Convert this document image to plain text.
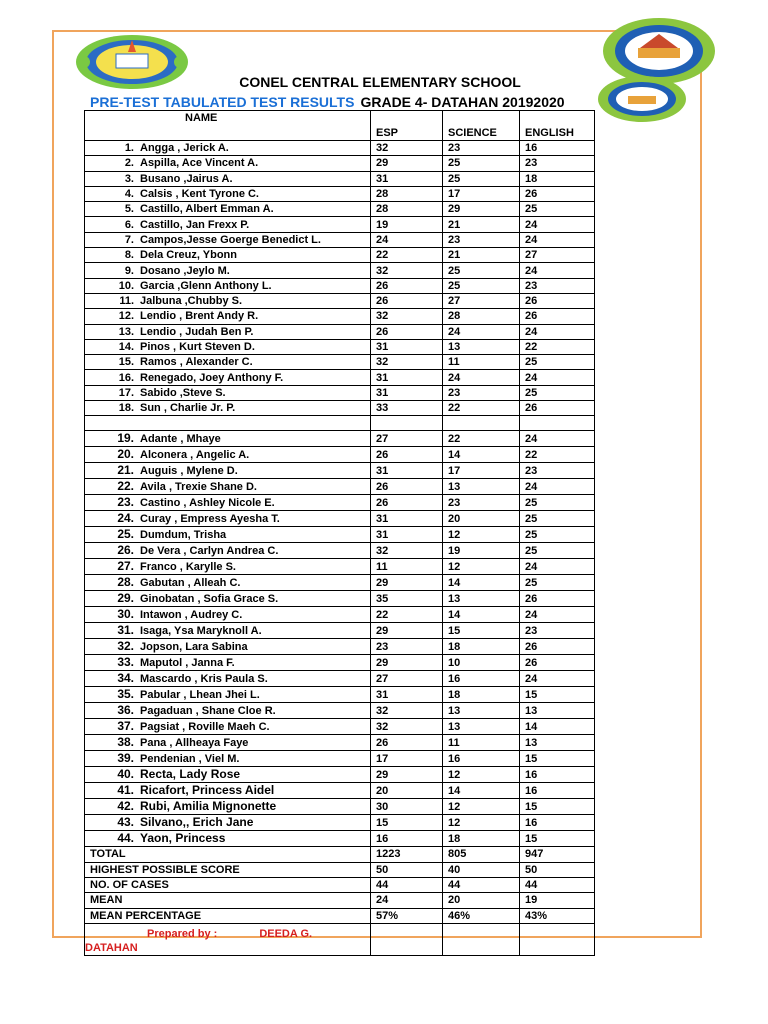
CONEL CENTRAL ELEMENTARY SCHOOL
PRE-TEST TABULATED TEST RESULTS GRADE 4- DATAHAN 20192020
NAME			
	ESP	SCIENCE	ENGLISH
1. Angga , Jerick A.	32	23	16
2. Aspilla, Ace Vincent A.	29	25	23
3. Busano ,Jairus A.	31	25	18
4. Calsis , Kent Tyrone C.	28	17	26
5. Castillo, Albert Emman A.	28	29	25
6. Castillo, Jan Frexx P.	19	21	24
7. Campos,Jesse Goerge Benedict L.	24	23	24
8. Dela Creuz, Ybonn	22	21	27
9. Dosano ,Jeylo M.	32	25	24
10. Garcia ,Glenn Anthony L.	26	25	23
11. Jalbuna ,Chubby S.	26	27	26
12. Lendio , Brent Andy R.	32	28	26
13. Lendio , Judah Ben P.	26	24	24
14. Pinos , Kurt Steven D.	31	13	22
15. Ramos , Alexander C.	32	11	25
16. Renegado, Joey Anthony F.	31	24	24
17. Sabido ,Steve S.	31	23	25
18. Sun , Charlie Jr. P.	33	22	26

19. Adante , Mhaye	27	22	24
20. Alconera , Angelic A.	26	14	22
21. Auguis , Mylene D.	31	17	23
22. Avila , Trexie Shane D.	26	13	24
23. Castino , Ashley Nicole E.	26	23	25
24. Curay , Empress Ayesha T.	31	20	25
25. Dumdum, Trisha	31	12	25
26. De Vera , Carlyn Andrea C.	32	19	25
27. Franco , Karylle S.	11	12	24
28. Gabutan , Alleah C.	29	14	25
29. Ginobatan , Sofia Grace S.	35	13	26
30. Intawon , Audrey C.	22	14	24
31. Isaga, Ysa Maryknoll A.	29	15	23
32. Jopson, Lara Sabina	23	18	26
33. Maputol , Janna F.	29	10	26
34. Mascardo , Kris Paula S.	27	16	24
35. Pabular , Lhean Jhei L.	31	18	15
36. Pagaduan , Shane Cloe R.	32	13	13
37. Pagsiat , Roville Maeh C.	32	13	14
38. Pana , Allheaya Faye	26	11	13
39. Pendenian , Viel M.	17	16	15
40. Recta, Lady Rose	29	12	16
41. Ricafort, Princess Aidel	20	14	16
42. Rubi, Amilia Mignonette	30	12	15
43. Silvano,, Erich Jane	15	12	16
44. Yaon, Princess	16	18	15
TOTAL	1223	805	947
HIGHEST POSSIBLE SCORE	50	40	50
NO. OF CASES	44	44	44
MEAN	24	20	19
MEAN PERCENTAGE	57%	46%	43%

Prepared by : DEEDA G.
DATAHAN			
